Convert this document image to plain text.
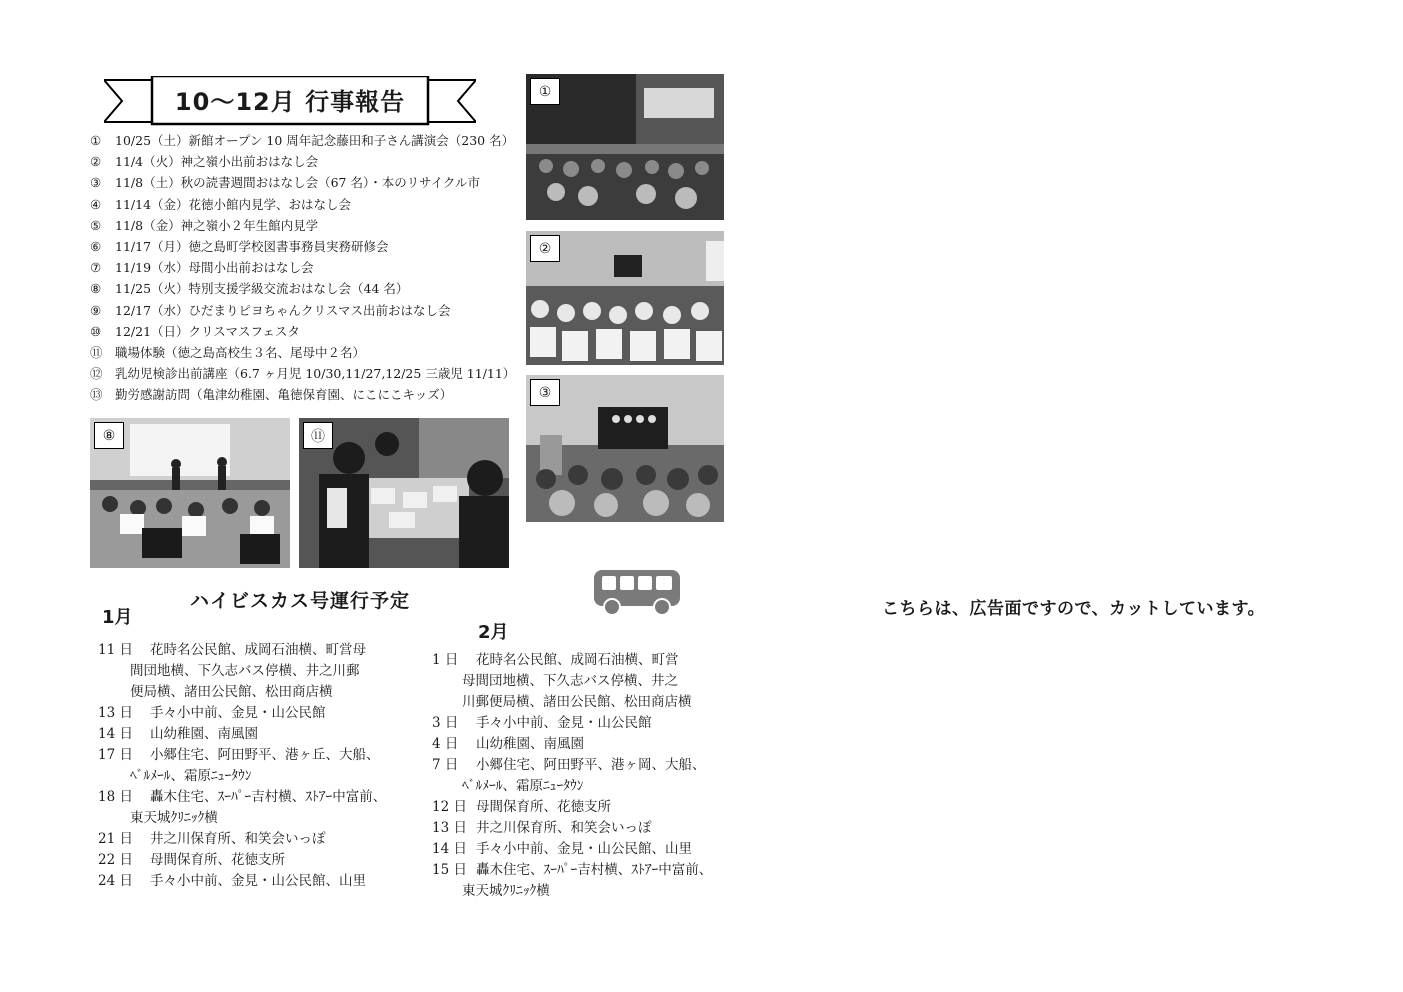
10～12月 行事報告
① 10/25（土）新館オープン 10 周年記念藤田和子さん講演会（230 名）
② 11/4（火）神之嶺小出前おはなし会
③ 11/8（土）秋の読書週間おはなし会（67 名）・本のリサイクル市
④ 11/14（金）花徳小館内見学、おはなし会
⑤ 11/8（金）神之嶺小２年生館内見学
⑥ 11/17（月）徳之島町学校図書事務員実務研修会
⑦ 11/19（水）母間小出前おはなし会
⑧ 11/25（火）特別支援学級交流おはなし会（44 名）
⑨ 12/17（水）ひだまりピヨちゃんクリスマス出前おはなし会
⑩ 12/21（日）クリスマスフェスタ
⑪ 職場体験（徳之島高校生３名、尾母中２名）
⑫ 乳幼児検診出前講座（6.7 ヶ月児 10/30,11/27,12/25 三歳児 11/11）
⑬ 勤労感謝訪問（亀津幼稚園、亀徳保育園、にこにこキッズ）
①
②
③
⑧	⑪
ハイビスカス号運行予定
1月
2月
11 日 花時名公民館、成岡石油横、町営母
間団地横、下久志バス停横、井之川郵
便局横、諸田公民館、松田商店横
13 日 手々小中前、金見・山公民館
14 日 山幼稚園、南風園
17 日 小郷住宅、阿田野平、港ヶ丘、大船、
ﾍﾞﾙﾒｰﾙ、霜原ﾆｭｰﾀｳﾝ
18 日 轟木住宅、ｽｰﾊﾟｰ吉村横、ｽﾄｱｰ中富前、
東天城ｸﾘﾆｯｸ横
21 日 井之川保育所、和笑会いっぽ
22 日 母間保育所、花徳支所
24 日 手々小中前、金見・山公民館、山里
1 日 花時名公民館、成岡石油横、町営
母間団地横、下久志バス停横、井之
川郵便局横、諸田公民館、松田商店横
3 日 手々小中前、金見・山公民館
4 日 山幼稚園、南風園
7 日 小郷住宅、阿田野平、港ヶ岡、大船、
ﾍﾞﾙﾒｰﾙ、霜原ﾆｭｰﾀｳﾝ
12 日 母間保育所、花徳支所
13 日 井之川保育所、和笑会いっぽ
14 日 手々小中前、金見・山公民館、山里
15 日 轟木住宅、ｽｰﾊﾟｰ吉村横、ｽﾄｱｰ中富前、
東天城ｸﾘﾆｯｸ横
こちらは、広告面ですので、カットしています。
